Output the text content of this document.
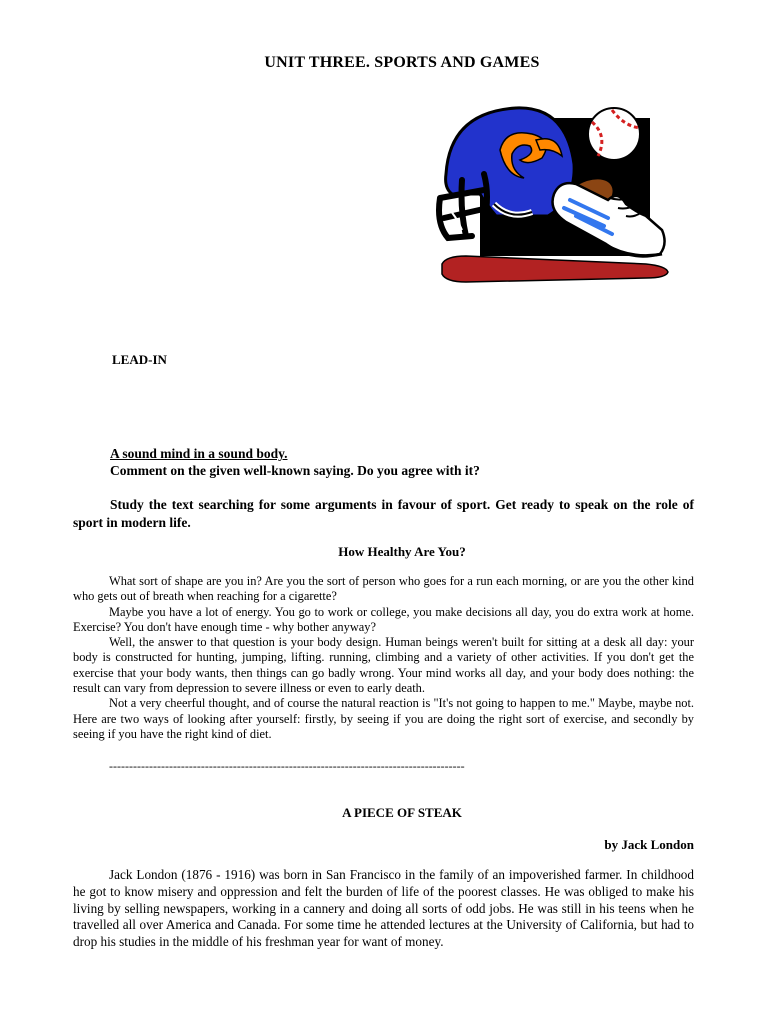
UNIT THREE. SPORTS AND GAMES
LEAD-IN
A sound mind in a sound body.
Comment on the given well-known saying. Do you agree with it?
Study the text searching for some arguments in favour of sport. Get ready to speak on the role of sport in modern life.
How Healthy Are You?

What sort of shape are you in? Are you the sort of person who goes for a run each morning, or are you the other kind who gets out of breath when reaching for a cigarette?

Maybe you have a lot of energy. You go to work or college, you make decisions all day, you do extra work at home. Exercise? You don't have enough time - why bother anyway?

Well, the answer to that question is your body design. Human beings weren't built for sitting at a desk all day: your body is constructed for hunting, jumping, lifting. running, climbing and a variety of other activities. If you don't get the exercise that your body wants, then things can go badly wrong. Your mind works all day, and your body does nothing: the result can vary from depression to severe illness or even to early death.

Not a very cheerful thought, and of course the natural reaction is "It's not going to happen to me." Maybe, maybe not. Here are two ways of looking after yourself: firstly, by seeing if you are doing the right sort of exercise, and secondly by seeing if you have the right kind of diet.

-----------------------------------------------------------------------------------------
A PIECE OF STEAK
by Jack London

Jack London (1876 - 1916) was born in San Francisco in the family of an impoverished farmer. In childhood he got to know misery and oppression and felt the burden of life of the poorest classes. He was obliged to make his living by selling newspapers, working in a cannery and doing all sorts of odd jobs. He was still in his teens when he travelled all over America and Canada. For some time he attended lectures at the University of California, but had to drop his studies in the middle of his freshman year for want of money.
